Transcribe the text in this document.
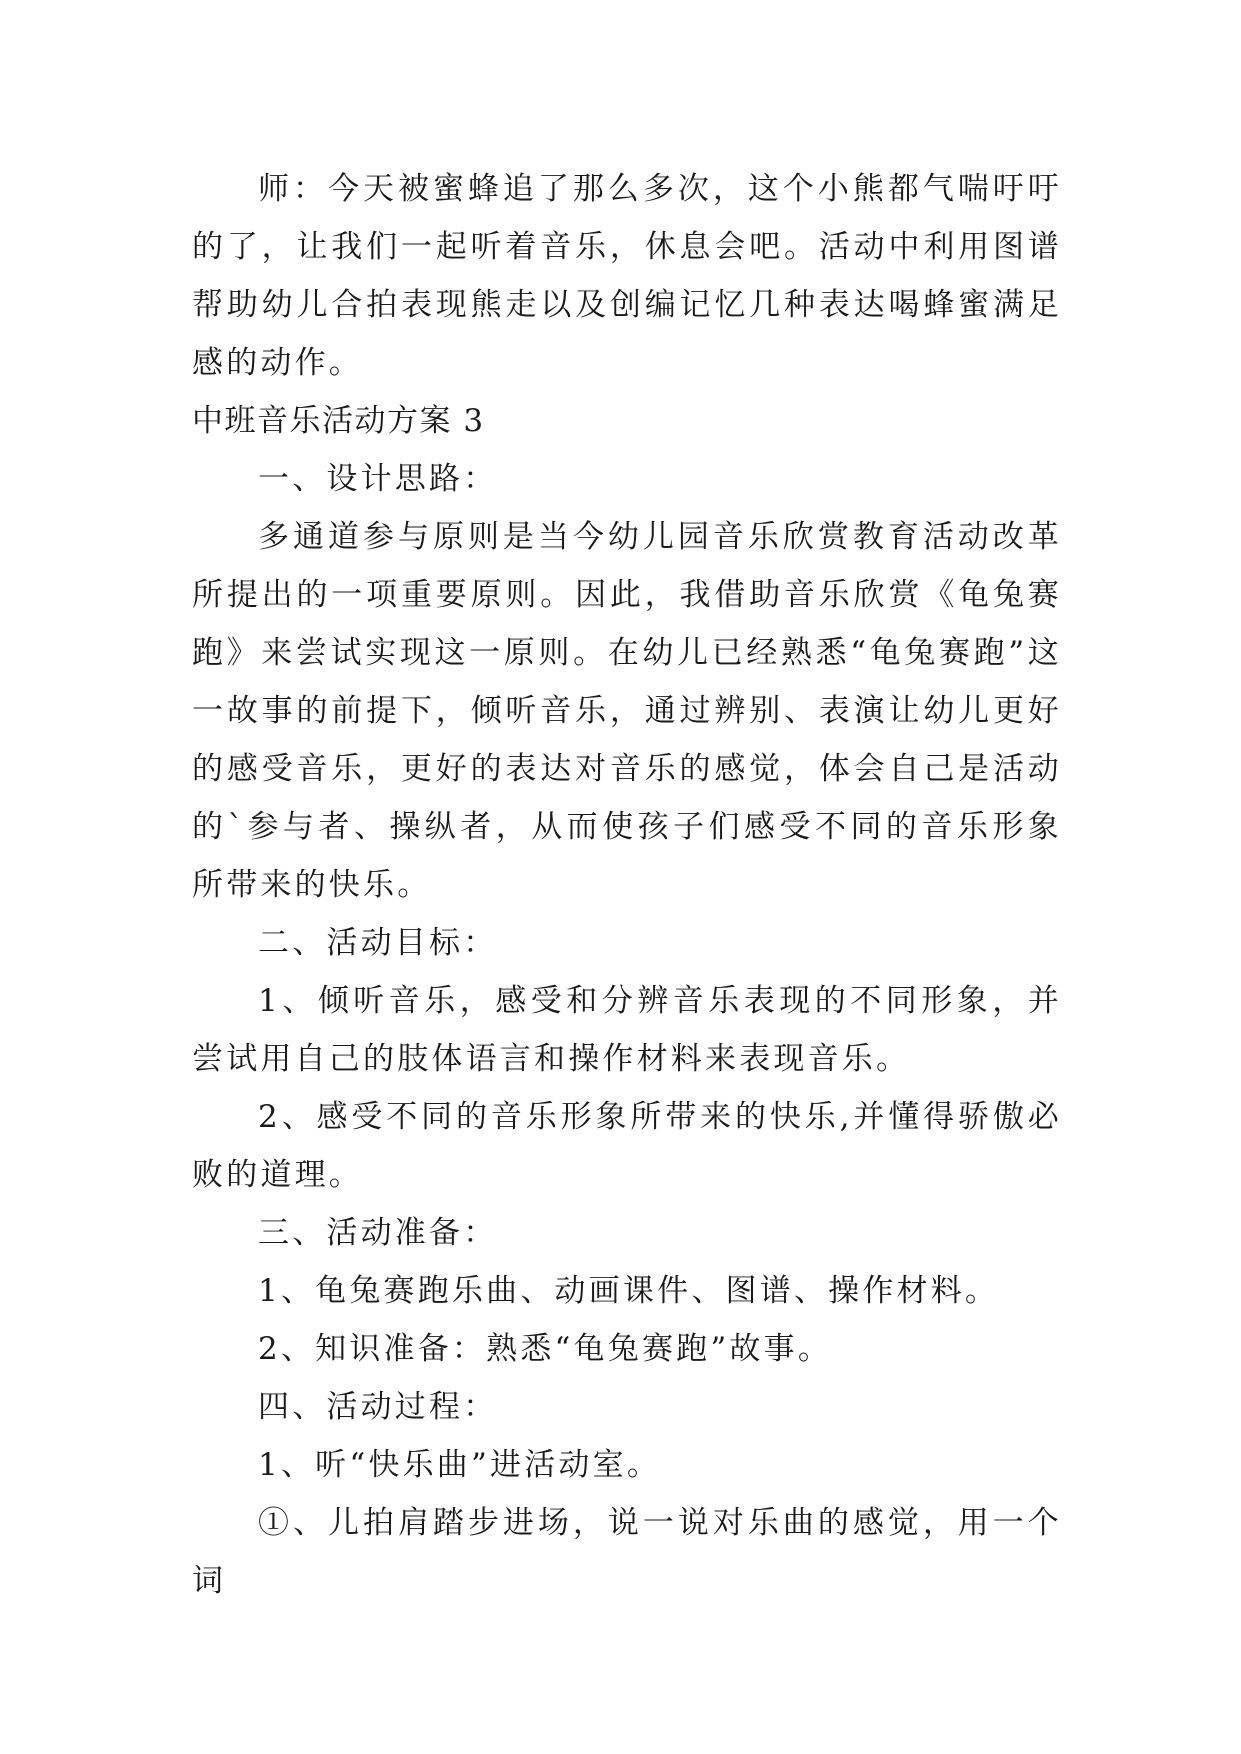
师：今天被蜜蜂追了那么多次，这个小熊都气喘吁吁的了，让我们一起听着音乐，休息会吧。活动中利用图谱帮助幼儿合拍表现熊走以及创编记忆几种表达喝蜂蜜满足感的动作。

中班音乐活动方案 3

一、设计思路：

多通道参与原则是当今幼儿园音乐欣赏教育活动改革所提出的一项重要原则。因此，我借助音乐欣赏《龟兔赛跑》来尝试实现这一原则。在幼儿已经熟悉“龟兔赛跑”这一故事的前提下，倾听音乐，通过辨别、表演让幼儿更好的感受音乐，更好的表达对音乐的感觉，体会自己是活动的`参与者、操纵者，从而使孩子们感受不同的音乐形象所带来的快乐。

二、活动目标：

1、倾听音乐，感受和分辨音乐表现的不同形象，并尝试用自己的肢体语言和操作材料来表现音乐。

2、感受不同的音乐形象所带来的快乐,并懂得骄傲必败的道理。

三、活动准备：

1、龟兔赛跑乐曲、动画课件、图谱、操作材料。

2、知识准备：熟悉“龟兔赛跑”故事。

四、活动过程：

1、听“快乐曲”进活动室。

①、儿拍肩踏步进场，说一说对乐曲的感觉，用一个词
